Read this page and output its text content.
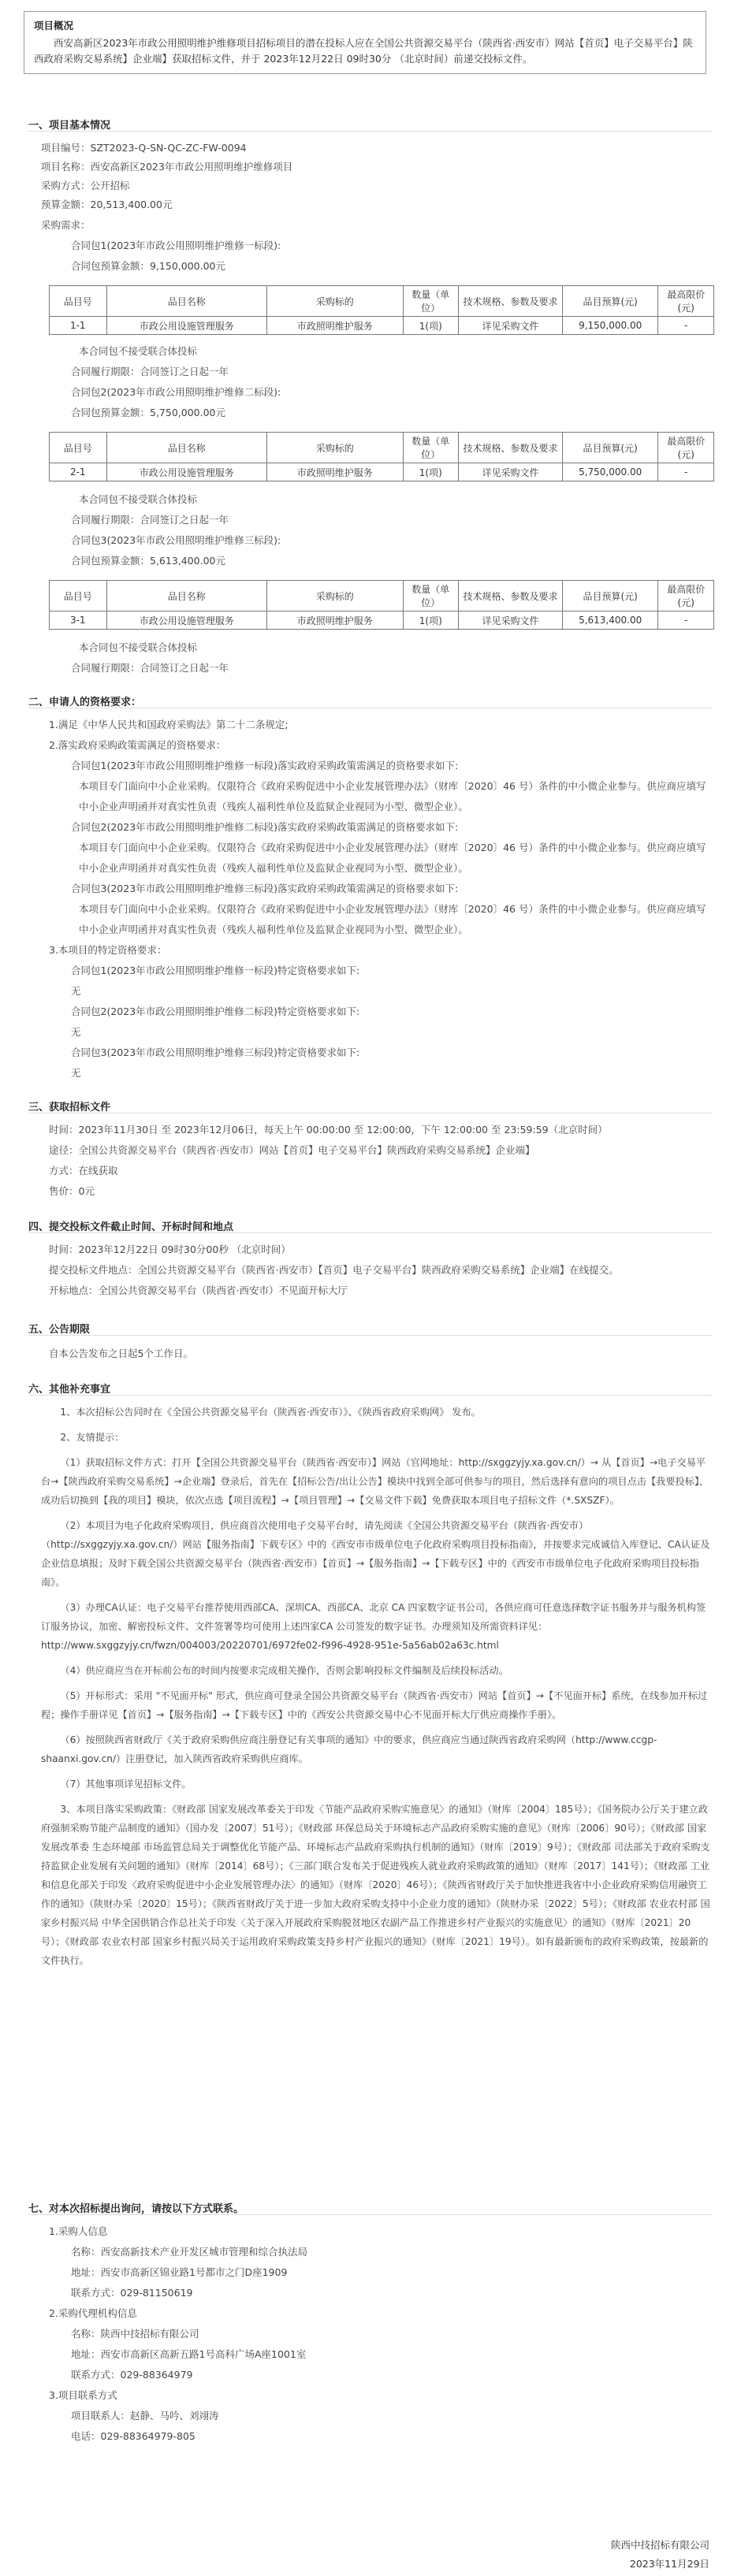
项目概况

西安高新区2023年市政公用照明维护维修项目招标项目的潜在投标人应在全国公共资源交易平台（陕西省·西安市）网站【首页】电子交易平台】陕西政府采购交易系统】企业端】获取招标文件，并于 2023年12月22日 09时30分 （北京时间）前递交投标文件。

一、项目基本情况
项目编号：SZT2023-Q-SN-QC-ZC-FW-0094
项目名称：西安高新区2023年市政公用照明维护维修项目
采购方式：公开招标
预算金额：20,513,400.00元
采购需求：
合同包1(2023年市政公用照明维护维修一标段):
合同包预算金额：9,150,000.00元
品目号	品目名称	采购标的	数量（单位）	技术规格、参数及要求	品目预算(元)	最高限价(元)
1-1	市政公用设施管理服务	市政照明维护服务	1(项)	详见采购文件	9,150,000.00	-
本合同包不接受联合体投标
合同履行期限：合同签订之日起一年
合同包2(2023年市政公用照明维护维修二标段):
合同包预算金额：5,750,000.00元
品目号	品目名称	采购标的	数量（单位）	技术规格、参数及要求	品目预算(元)	最高限价(元)
2-1	市政公用设施管理服务	市政照明维护服务	1(项)	详见采购文件	5,750,000.00	-
本合同包不接受联合体投标
合同履行期限：合同签订之日起一年
合同包3(2023年市政公用照明维护维修三标段):
合同包预算金额：5,613,400.00元
品目号	品目名称	采购标的	数量（单位）	技术规格、参数及要求	品目预算(元)	最高限价(元)
3-1	市政公用设施管理服务	市政照明维护服务	1(项)	详见采购文件	5,613,400.00	-
本合同包不接受联合体投标
合同履行期限：合同签订之日起一年
二、申请人的资格要求：
1.满足《中华人民共和国政府采购法》第二十二条规定;
2.落实政府采购政策需满足的资格要求：
合同包1(2023年市政公用照明维护维修一标段)落实政府采购政策需满足的资格要求如下:
本项目专门面向中小企业采购。仅限符合《政府采购促进中小企业发展管理办法》（财库〔2020〕46 号）条件的中小微企业参与。供应商应填写
中小企业声明函并对真实性负责（残疾人福利性单位及监狱企业视同为小型、微型企业）。
合同包2(2023年市政公用照明维护维修二标段)落实政府采购政策需满足的资格要求如下:
本项目专门面向中小企业采购。仅限符合《政府采购促进中小企业发展管理办法》（财库〔2020〕46 号）条件的中小微企业参与。供应商应填写
中小企业声明函并对真实性负责（残疾人福利性单位及监狱企业视同为小型、微型企业）。
合同包3(2023年市政公用照明维护维修三标段)落实政府采购政策需满足的资格要求如下:
本项目专门面向中小企业采购。仅限符合《政府采购促进中小企业发展管理办法》（财库〔2020〕46 号）条件的中小微企业参与。供应商应填写
中小企业声明函并对真实性负责（残疾人福利性单位及监狱企业视同为小型、微型企业）。
3.本项目的特定资格要求：
合同包1(2023年市政公用照明维护维修一标段)特定资格要求如下:
无
合同包2(2023年市政公用照明维护维修二标段)特定资格要求如下:
无
合同包3(2023年市政公用照明维护维修三标段)特定资格要求如下:
无
三、获取招标文件
时间：2023年11月30日 至 2023年12月06日，每天上午 00:00:00 至 12:00:00，下午 12:00:00 至 23:59:59（北京时间）
途径：全国公共资源交易平台（陕西省·西安市）网站【首页】电子交易平台】陕西政府采购交易系统】企业端】
方式：在线获取
售价：0元
四、提交投标文件截止时间、开标时间和地点
时间：2023年12月22日 09时30分00秒 （北京时间）
提交投标文件地点：全国公共资源交易平台（陕西省·西安市）【首页】电子交易平台】陕西政府采购交易系统】企业端】在线提交。
开标地点：全国公共资源交易平台（陕西省·西安市）不见面开标大厅
五、公告期限
自本公告发布之日起5个工作日。
六、其他补充事宜

1、本次招标公告同时在《全国公共资源交易平台（陕西省·西安市）》、《陕西省政府采购网》 发布。

2、友情提示：

（1）获取招标文件方式：打开【全国公共资源交易平台（陕西省·西安市）】网站（官网地址：http://sxggzyjy.xa.gov.cn/）→ 从【首页】→电子交易平台→【陕西政府采购交易系统】→企业端】登录后，首先在【招标公告/出让公告】模块中找到全部可供参与的项目，然后选择有意向的项目点击【我要投标】，成功后切换到【我的项目】模块，依次点选【项目流程】→【项目管理】→【交易文件下载】免费获取本项目电子招标文件（*.SXSZF）。

（2）本项目为电子化政府采购项目，供应商首次使用电子交易平台时，请先阅读《全国公共资源交易平台（陕西省·西安市）（http://sxggzyjy.xa.gov.cn/）网站【服务指南】下载专区》中的《西安市市级单位电子化政府采购项目投标指南》，并按要求完成诚信入库登记、CA认证及企业信息填报；及时下载全国公共资源交易平台（陕西省·西安市）【首页】→【服务指南】→【下载专区】中的《西安市市级单位电子化政府采购项目投标指南》。

（3）办理CA认证：电子交易平台推荐使用西部CA、深圳CA、西部CA、北京 CA 四家数字证书公司，各供应商可任意选择数字证书服务并与服务机构签订服务协议，加密、解密投标文件、文件签署等均可使用上述四家CA 公司签发的数字证书。办理须知及所需资料详见：http://www.sxggzyjy.cn/fwzn/004003/20220701/6972fe02-f996-4928-951e-5a56ab02a63c.html

（4）供应商应当在开标前公布的时间内按要求完成相关操作，否则会影响投标文件编制及后续投标活动。

（5）开标形式：采用 "不见面开标" 形式，供应商可登录全国公共资源交易平台（陕西省·西安市）网站【首页】→【不见面开标】系统，在线参加开标过程；操作手册详见【首页】→【服务指南】→【下载专区】中的《西安公共资源交易中心不见面开标大厅供应商操作手册》。

（6）按照陕西省财政厅《关于政府采购供应商注册登记有关事项的通知》中的要求，供应商应当通过陕西省政府采购网（http://www.ccgp-shaanxi.gov.cn/）注册登记，加入陕西省政府采购供应商库。

（7）其他事项详见招标文件。

3、本项目落实采购政策：《财政部 国家发展改革委关于印发〈节能产品政府采购实施意见〉的通知》（财库〔2004〕185号）；《国务院办公厅关于建立政府强制采购节能产品制度的通知》（国办发〔2007〕51号）；《财政部 环保总局关于环境标志产品政府采购实施的意见》（财库〔2006〕90号）；《财政部 国家发展改革委 生态环境部 市场监管总局关于调整优化节能产品、环境标志产品政府采购执行机制的通知》（财库〔2019〕9号）；《财政部 司法部关于政府采购支持监狱企业发展有关问题的通知》（财库〔2014〕68号）；《三部门联合发布关于促进残疾人就业政府采购政策的通知》（财库〔2017〕141号）；《财政部 工业和信息化部关于印发〈政府采购促进中小企业发展管理办法〉的通知》（财库〔2020〕46号）；《陕西省财政厅关于加快推进我省中小企业政府采购信用融资工作的通知》（陕财办采〔2020〕15号）；《陕西省财政厅关于进一步加大政府采购支持中小企业力度的通知》（陕财办采〔2022〕5号）；《财政部 农业农村部 国家乡村振兴局 中华全国供销合作总社关于印发〈关于深入开展政府采购脱贫地区农副产品工作推进乡村产业振兴的实施意见〉的通知》（财库〔2021〕20号）；《财政部 农业农村部 国家乡村振兴局关于运用政府采购政策支持乡村产业振兴的通知》（财库〔2021〕19号）。如有最新颁布的政府采购政策，按最新的文件执行。

七、对本次招标提出询问，请按以下方式联系。
1.采购人信息
名称：西安高新技术产业开发区城市管理和综合执法局
地址：西安市高新区锦业路1号都市之门D座1909
联系方式：029-81150619
2.采购代理机构信息
名称：陕西中技招标有限公司
地址：西安市高新区高新五路1号高科广场A座1001室
联系方式：029-88364979
3.项目联系方式
项目联系人：赵静、马吟、刘翊涛
电话：029-88364979-805
陕西中技招标有限公司
2023年11月29日
